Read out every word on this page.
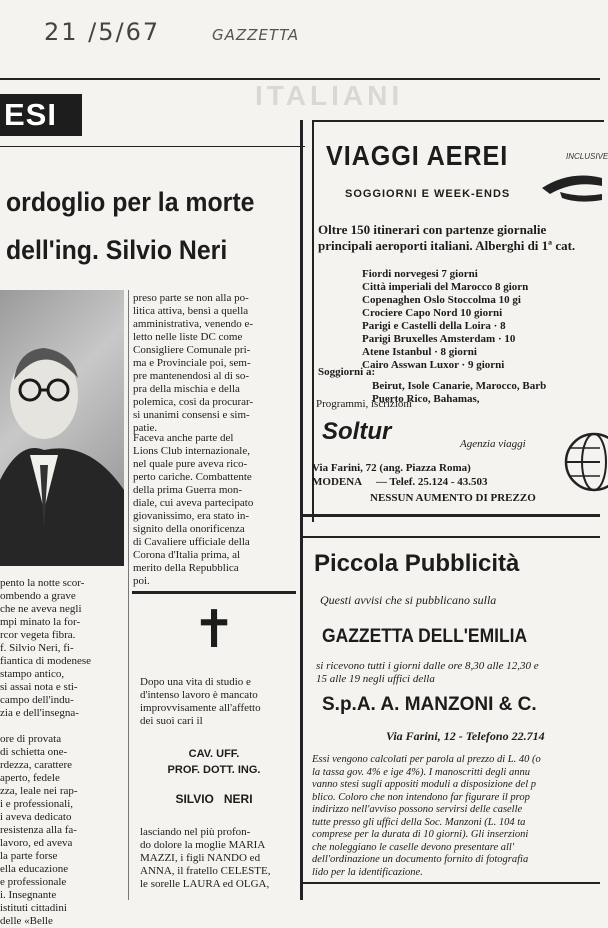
21 /5/67	GAZZETTA
ESI
ITALIANI
ordoglio per la morte
dell'ing. Silvio Neri
pento la notte scor-
ombendo a grave
che ne aveva negli
mpi minato la for-
rcor vegeta fibra.
f. Silvio Neri, fi-
fiantica di modenese
stampo antico,
si assai nota e sti-
campo dell'indu-
zia e dell'insegna-

ore di provata
di schietta one-
rdezza, carattere
aperto, fedele
zza, leale nei rap-
i e professionali,
i aveva dedicato
resistenza alla fa-
lavoro, ed aveva
la parte forse
ella educazione
e professionale
i. Insegnante
istituti cittadini
delle «Belle
preso parte se non alla po-
litica attiva, bensì a quella
amministrativa, venendo e-
letto nelle liste DC come
Consigliere Comunale pri-
ma e Provinciale poi, sem-
pre mantenendosi al di so-
pra della mischia e della
polemica, così da procurar-
si unanimi consensi e sim-
patie.
Faceva anche parte del
Lions Club internazionale,
nel quale pure aveva rico-
perto cariche. Combattente
della prima Guerra mon-
diale, cui aveva partecipato
giovanissimo, era stato in-
signito della onorificenza
di Cavaliere ufficiale della
Corona d'Italia prima, al
merito della Repubblica
poi.
✝
Dopo una vita di studio e
d'intenso lavoro è mancato
improvvisamente all'affetto
dei suoi cari il
CAV. UFF.
PROF. DOTT. ING.
SILVIO   NERI
lasciando nel più profon-
do dolore la moglie MARIA
MAZZI, i figli NANDO ed
ANNA, il fratello CELESTE,
le sorelle LAURA ed OLGA,
VIAGGI AEREI
SOGGIORNI E WEEK-ENDS
INCLUSIVE
Oltre 150 itinerari con partenze giornalie
principali aeroporti italiani. Alberghi di 1ª cat.
Fiordi norvegesi 7 giorni
Città imperiali del Marocco 8 giorn
Copenaghen Oslo Stoccolma 10 gi
Crociere Capo Nord 10 giorni
Parigi e Castelli della Loira · 8
Parigi Bruxelles Amsterdam · 10
Atene Istanbul · 8 giorni
Cairo Asswan Luxor · 9 giorni
Soggiorni a:
Beirut, Isole Canarie, Marocco, Barb
Puerto Rico, Bahamas,
Programmi, iscrizioni
Soltur	Agenzia viaggi
Via Farini, 72 (ang. Piazza Roma)
MODENA — Telef. 25.124 - 43.503
NESSUN AUMENTO DI PREZZO
Piccola Pubblicità
Questi avvisi che si pubblicano sulla
GAZZETTA DELL'EMILIA
si ricevono tutti i giorni dalle ore 8,30 alle 12,30 e
15 alle 19 negli uffici della
S.p.A. A. MANZONI & C.
Via Farini, 12 - Telefono 22.714
Essi vengono calcolati per parola al prezzo di L. 40 (o
la tassa gov. 4% e ige 4%). I manoscritti degli annu
vanno stesi sugli appositi moduli a disposizione del p
blico. Coloro che non intendono far figurare il prop
indirizzo nell'avviso possono servirsi delle caselle
tutte presso gli uffici della Soc. Manzoni (L. 104 ta
comprese per la durata di 10 giorni). Gli inserzioni
che noleggiano le caselle devono presentare all'
dell'ordinazione un documento fornito di fotografia
lido per la identificazione.
